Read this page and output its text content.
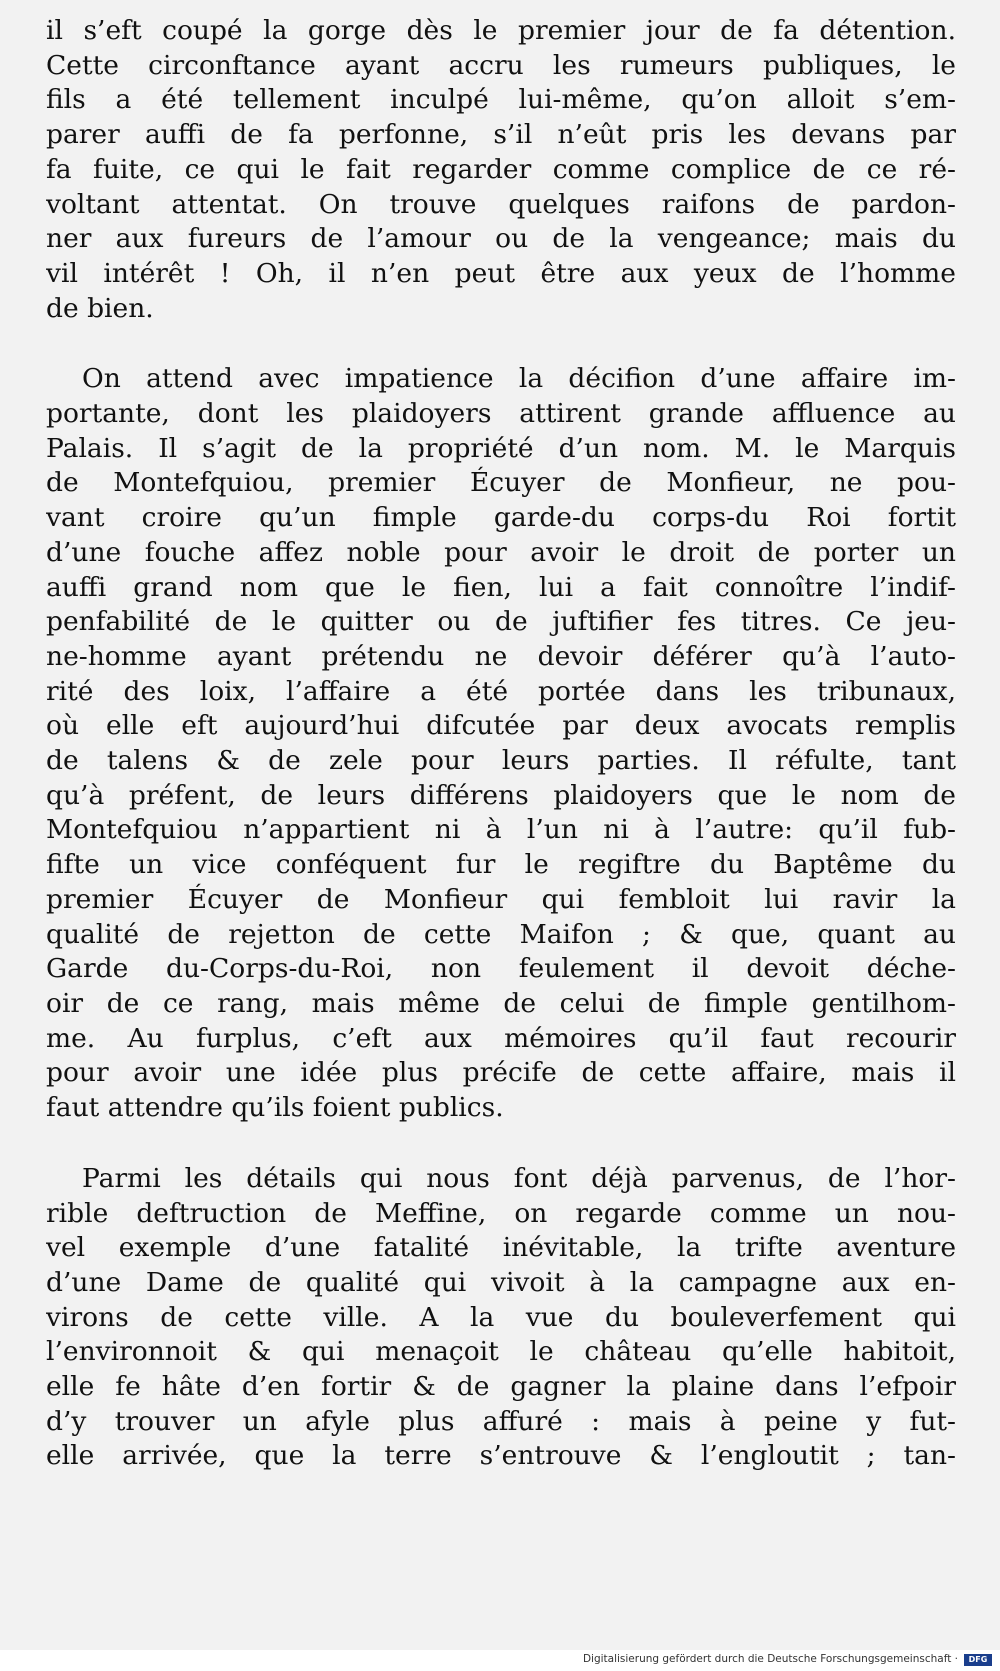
il s’eft coupé la gorge dès le premier jour de fa détention.
Cette circonftance ayant accru les rumeurs publiques, le
fils a été tellement inculpé lui-même, qu’on alloit s’em-
parer auffi de fa perfonne, s’il n’eût pris les devans par
fa fuite, ce qui le fait regarder comme complice de ce ré-
voltant attentat. On trouve quelques raifons de pardon-
ner aux fureurs de l’amour ou de la vengeance; mais du
vil intérêt ! Oh, il n’en peut être aux yeux de l’homme
de bien.
On attend avec impatience la décifion d’une affaire im-
portante, dont les plaidoyers attirent grande affluence au
Palais. Il s’agit de la propriété d’un nom. M. le Marquis
de Montefquiou, premier Écuyer de Monfieur, ne pou-
vant croire qu’un fimple garde-du corps-du Roi fortit
d’une fouche affez noble pour avoir le droit de porter un
auffi grand nom que le fien, lui a fait connoître l’indif-
penfabilité de le quitter ou de juftifier fes titres. Ce jeu-
ne-homme ayant prétendu ne devoir déférer qu’à l’auto-
rité des loix, l’affaire a été portée dans les tribunaux,
où elle eft aujourd’hui difcutée par deux avocats remplis
de talens & de zele pour leurs parties. Il réfulte, tant
qu’à préfent, de leurs différens plaidoyers que le nom de
Montefquiou n’appartient ni à l’un ni à l’autre: qu’il fub-
fifte un vice conféquent fur le regiftre du Baptême du
premier Écuyer de Monfieur qui fembloit lui ravir la
qualité de rejetton de cette Maifon ; & que, quant au
Garde du-Corps-du-Roi, non feulement il devoit déche-
oir de ce rang, mais même de celui de fimple gentilhom-
me. Au furplus, c’eft aux mémoires qu’il faut recourir
pour avoir une idée plus précife de cette affaire, mais il
faut attendre qu’ils foient publics.
Parmi les détails qui nous font déjà parvenus, de l’hor-
rible deftruction de Meffine, on regarde comme un nou-
vel exemple d’une fatalité inévitable, la trifte aventure
d’une Dame de qualité qui vivoit à la campagne aux en-
virons de cette ville. A la vue du bouleverfement qui
l’environnoit & qui menaçoit le château qu’elle habitoit,
elle fe hâte d’en fortir & de gagner la plaine dans l’efpoir
d’y trouver un afyle plus affuré : mais à peine y fut-
elle arrivée, que la terre s’entrouve & l’engloutit ; tan-
Digitalisierung gefördert durch die Deutsche Forschungsgemeinschaft ·	DFG
